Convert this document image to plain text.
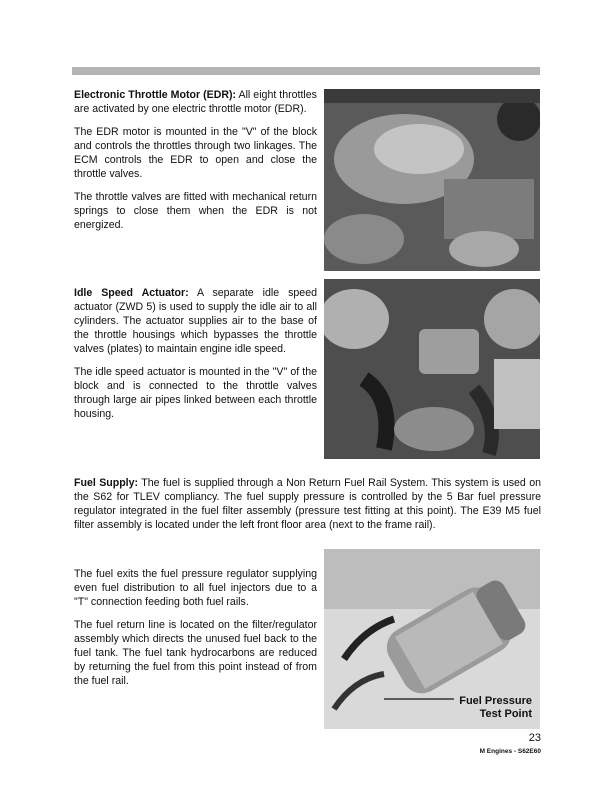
Electronic Throttle Motor (EDR): All eight throttles are activated by one electric throttle motor (EDR).

The EDR motor is mounted in the "V" of the block and controls the throttles through two linkages. The ECM controls the EDR to open and close the throttle valves.

The throttle valves are fitted with mechanical return springs to close them when the EDR is not energized.

Idle Speed Actuator: A separate idle speed actuator (ZWD 5) is used to supply the idle air to all cylinders. The actuator supplies air to the base of the throttle housings which bypasses the throttle valves (plates) to maintain engine idle speed.

The idle speed actuator is mounted in the "V" of the block and is connected to the throttle valves through large air pipes linked between each throttle housing.

Fuel Supply: The fuel is supplied through a Non Return Fuel Rail System. This system is used on the S62 for TLEV compliancy. The fuel supply pressure is controlled by the 5 Bar fuel pressure regulator integrated in the fuel filter assembly (pressure test fitting at this point). The E39 M5 fuel filter assembly is located under the left front floor area (next to the frame rail).

The fuel exits the fuel pressure regulator supplying even fuel distribution to all fuel injectors due to a "T" connection feeding both fuel rails.

The fuel return line is located on the filter/regulator assembly which directs the unused fuel back to the fuel tank. The fuel tank hydrocarbons are reduced by returning the fuel from this point instead of from the fuel rail.

Fuel Pressure
Test Point
23
M Engines - S62E60
